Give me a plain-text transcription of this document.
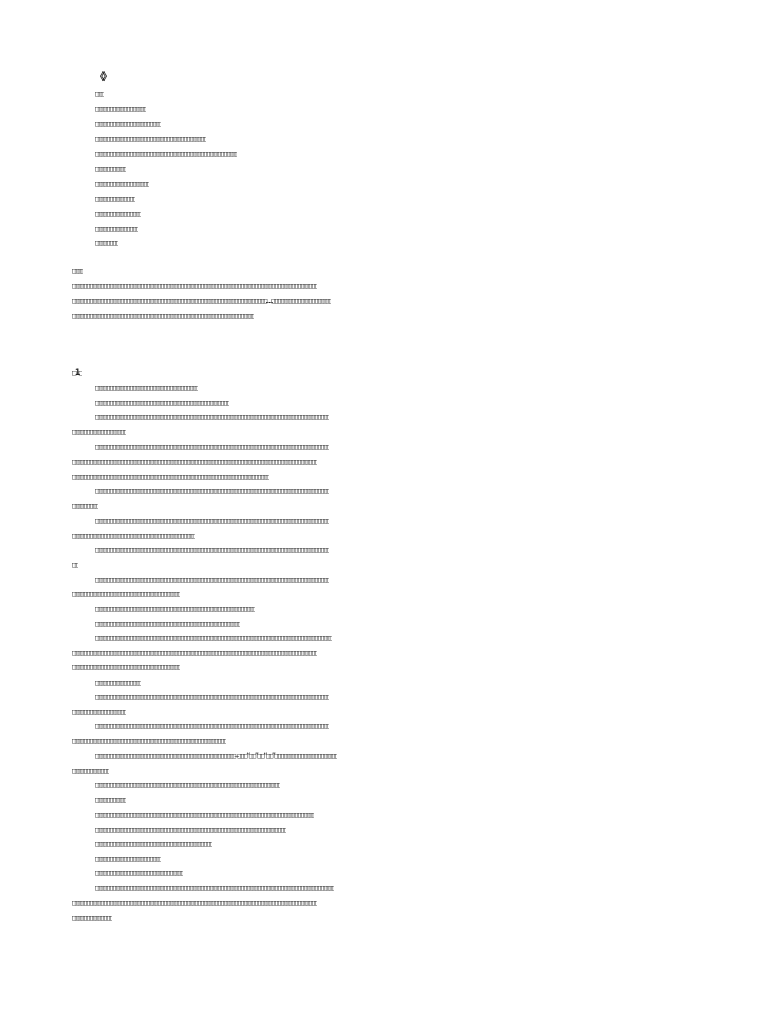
《》
□□□
□□□□□□□□□□□□□□□□□□
□□□□□□□□□□□□□□□□□□□□□□□
□□□□□□□□□□□□□□□□□□□□□□□□□□□□□□□□□□□□□□□
□□□□□□□□□□□□□□□□□□□□□□□□□□□□□□□□□□□□□□□□□□□□□□□□□□
□□□□□□□□□□□
□□□□□□□□□□□□□□□□□□□
□□□□□□□□□□□□□□
□□□□□□□□□□□□□□□□
□□□□□□□□□□□□□□□
□□□□□□□□
□□□□
□□□□□□□□□□□□□□□□□□□□□□□□□□□□□□□□□□□□□□□□□□□□□□□□□□□□□□□□□□□□□□□□□□□□□□□□□□□□□□□□□□□□□□
□□□□□□□□□□□□□□□□□□□□□□□□□□□□□□□□□□□□□□□□□□□□□□□□□□□□□□□□□□□□□□□□□□□□……□□□□□□□□□□□□□□□□□□□□□
□□□□□□□□□□□□□□□□□□□□□□□□□□□□□□□□□□□□□□□□□□□□□□□□□□□□□□□□□□□□□□□□
□1□
□□□□□□□□□□□□□□□□□□□□□□□□□□□□□□□□□□□□
□□□□□□□□□□□□□□□□□□□□□□□□□□□□□□□□□□□□□□□□□□□□□□□
□□□□□□□□□□□□□□□□□□□□□□□□□□□□□□□□□□□□□□□□□□□□□□□□□□□□□□□□□□□□□□□□□□□□□□□□□□□□□□□□□□
□□□□□□□□□□□□□□□□□□□
□□□□□□□□□□□□□□□□□□□□□□□□□□□□□□□□□□□□□□□□□□□□□□□□□□□□□□□□□□□□□□□□□□□□□□□□□□□□□□□□□□
□□□□□□□□□□□□□□□□□□□□□□□□□□□□□□□□□□□□□□□□□□□□□□□□□□□□□□□□□□□□□□□□□□□□□□□□□□□□□□□□□□□□□□
□□□□□□□□□□□□□□□□□□□□□□□□□□□□□□□□□□□□□□□□□□□□□□□□□□□□□□□□□□□□□□□□□□□□□
□□□□□□□□□□□□□□□□□□□□□□□□□□□□□□□□□□□□□□□□□□□□□□□□□□□□□□□□□□□□□□□□□□□□□□□□□□□□□□□□□□
□□□□□□□□□
□□□□□□□□□□□□□□□□□□□□□□□□□□□□□□□□□□□□□□□□□□□□□□□□□□□□□□□□□□□□□□□□□□□□□□□□□□□□□□□□□□
□□□□□□□□□□□□□□□□□□□□□□□□□□□□□□□□□□□□□□□□□□□
□□□□□□□□□□□□□□□□□□□□□□□□□□□□□□□□□□□□□□□□□□□□□□□□□□□□□□□□□□□□□□□□□□□□□□□□□□□□□□□□□□
□□
□□□□□□□□□□□□□□□□□□□□□□□□□□□□□□□□□□□□□□□□□□□□□□□□□□□□□□□□□□□□□□□□□□□□□□□□□□□□□□□□□□
□□□□□□□□□□□□□□□□□□□□□□□□□□□□□□□□□□□□□□
□□□□□□□□□□□□□□□□□□□□□□□□□□□□□□□□□□□□□□□□□□□□□□□□□□□□□□□□
□□□□□□□□□□□□□□□□□□□□□□□□□□□□□□□□□□□□□□□□□□□□□□□□□□□
□□□□□□□□□□□□□□□□□□□□□□□□□□□□□□□□□□□□□□□□□□□□□□□□□□□□□□□□□□□□□□□□□□□□□□□□□□□□□□□□□□□
□□□□□□□□□□□□□□□□□□□□□□□□□□□□□□□□□□□□□□□□□□□□□□□□□□□□□□□□□□□□□□□□□□□□□□□□□□□□□□□□□□□□□□
□□□□□□□□□□□□□□□□□□□□□□□□□□□□□□□□□□□□□□
□□□□□□□□□□□□□□□□
□□□□□□□□□□□□□□□□□□□□□□□□□□□□□□□□□□□□□□□□□□□□□□□□□□□□□□□□□□□□□□□□□□□□□□□□□□□□□□□□□□
□□□□□□□□□□□□□□□□□□□
□□□□□□□□□□□□□□□□□□□□□□□□□□□□□□□□□□□□□□□□□□□□□□□□□□□□□□□□□□□□□□□□□□□□□□□□□□□□□□□□□□
□□□□□□□□□□□□□□□□□□□□□□□□□□□□□□□□□□□□□□□□□□□□□□□□□□□□□□
□□□□□□□□□□□□□□□□□□□□□□□□□□□□□□□□□□□□□□□□□□□□□□□□□—□□□“□□”□□“□□”□□□□□□□□□□□□□□□□□□□□□□
□□□□□□□□□□□□□
□□□□□□□□□□□□□□□□□□□□□□□□□□□□□□□□□□□□□□□□□□□□□□□□□□□□□□□□□□□□□□□□□
□□□□□□□□□□□
□□□□□□□□□□□□□□□□□□□□□□□□□□□□□□□□□□□□□□□□□□□□□□□□□□□□□□□□□□□□□□□□□□□□□□□□□□□□□
□□□□□□□□□□□□□□□□□□□□□□□□□□□□□□□□□□□□□□□□□□□□□□□□□□□□□□□□□□□□□□□□□□□
□□□□□□□□□□□□□□□□□□□□□□□□□□□□□□□□□□□□□□□□□
□□□□□□□□□□□□□□□□□□□□□□□
□□□□□□□□□□□□□□□□□□□□□□□□□□□□□□□
□□□□□□□□□□□□□□□□□□□□□□□□□□□□□□□□□□□□□□□□□□□□□□□□□□□□□□□□□□□□□□□□□□□□□□□□□□□□□□□□□□□□
□□□□□□□□□□□□□□□□□□□□□□□□□□□□□□□□□□□□□□□□□□□□□□□□□□□□□□□□□□□□□□□□□□□□□□□□□□□□□□□□□□□□□□
□□□□□□□□□□□□□□
